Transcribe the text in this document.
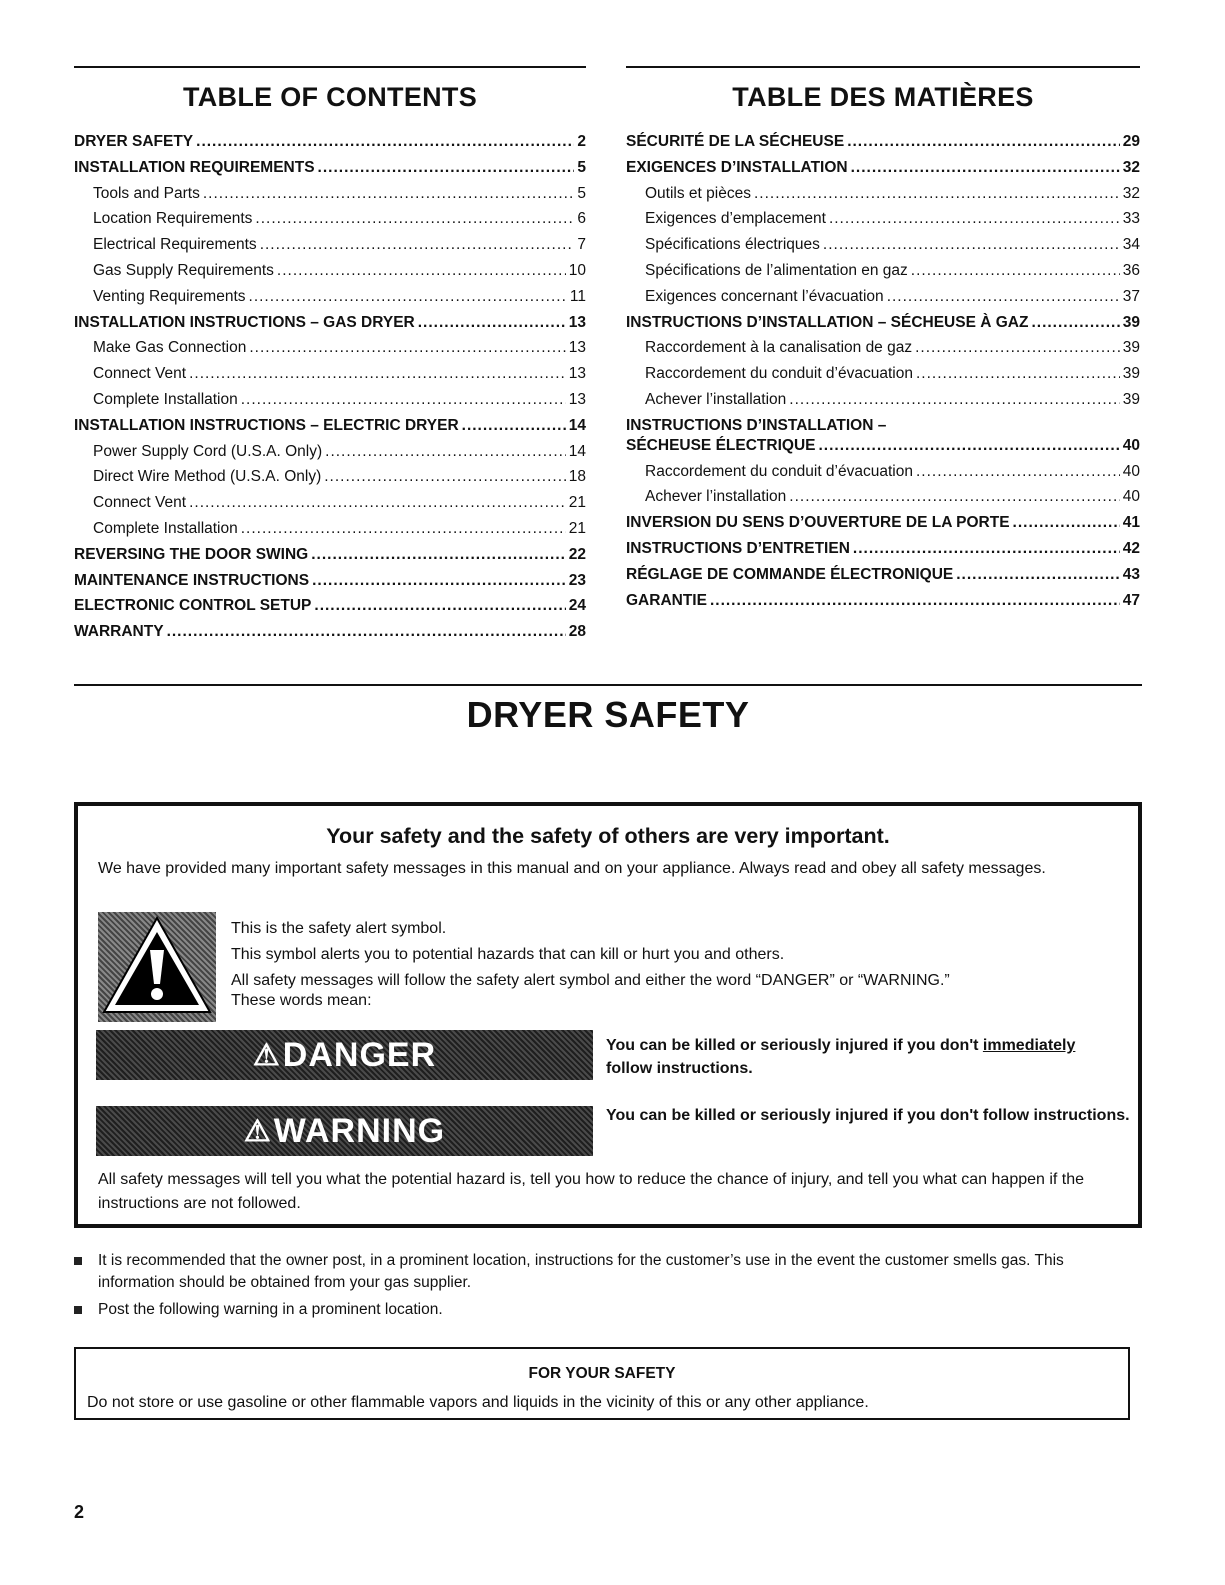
TABLE OF CONTENTS
DRYER SAFETY .....	2
INSTALLATION REQUIREMENTS .....	5
Tools and Parts .....	5
Location Requirements .....	6
Electrical Requirements .....	7
Gas Supply Requirements .....	10
Venting Requirements .....	11
INSTALLATION INSTRUCTIONS – GAS DRYER .....	13
Make Gas Connection .....	13
Connect Vent .....	13
Complete Installation .....	13
INSTALLATION INSTRUCTIONS – ELECTRIC DRYER .....	14
Power Supply Cord (U.S.A. Only) .....	14
Direct Wire Method (U.S.A. Only) .....	18
Connect Vent .....	21
Complete Installation .....	21
REVERSING THE DOOR SWING .....	22
MAINTENANCE INSTRUCTIONS .....	23
ELECTRONIC CONTROL SETUP .....	24
WARRANTY .....	28
TABLE DES MATIÈRES
SÉCURITÉ DE LA SÉCHEUSE .....	29
EXIGENCES D’INSTALLATION .....	32
Outils et pièces .....	32
Exigences d’emplacement .....	33
Spécifications électriques .....	34
Spécifications de l’alimentation en gaz .....	36
Exigences concernant l’évacuation .....	37
INSTRUCTIONS D’INSTALLATION – SÉCHEUSE À GAZ .....	39
Raccordement à la canalisation de gaz .....	39
Raccordement du conduit d’évacuation .....	39
Achever l’installation .....	39
INSTRUCTIONS D’INSTALLATION –
SÉCHEUSE ÉLECTRIQUE .....	40
Raccordement du conduit d’évacuation .....	40
Achever l’installation .....	40
INVERSION DU SENS D’OUVERTURE DE LA PORTE .....	41
INSTRUCTIONS D’ENTRETIEN .....	42
RÉGLAGE DE COMMANDE ÉLECTRONIQUE .....	43
GARANTIE .....	47
DRYER SAFETY
Your safety and the safety of others are very important.
We have provided many important safety messages in this manual and on your appliance. Always read and obey all safety messages.
This is the safety alert symbol.
This symbol alerts you to potential hazards that can kill or hurt you and others.
All safety messages will follow the safety alert symbol and either the word “DANGER” or “WARNING.”
These words mean:
⚠ DANGER	You can be killed or seriously injured if you don't immediately
follow instructions.
⚠ WARNING	You can be killed or seriously injured if you don't follow instructions.
All safety messages will tell you what the potential hazard is, tell you how to reduce the chance of injury, and tell you what can happen if the instructions are not followed.
It is recommended that the owner post, in a prominent location, instructions for the customer’s use in the event the customer smells gas. This information should be obtained from your gas supplier.
Post the following warning in a prominent location.
FOR YOUR SAFETY
Do not store or use gasoline or other flammable vapors and liquids in the vicinity of this or any other appliance.
2
